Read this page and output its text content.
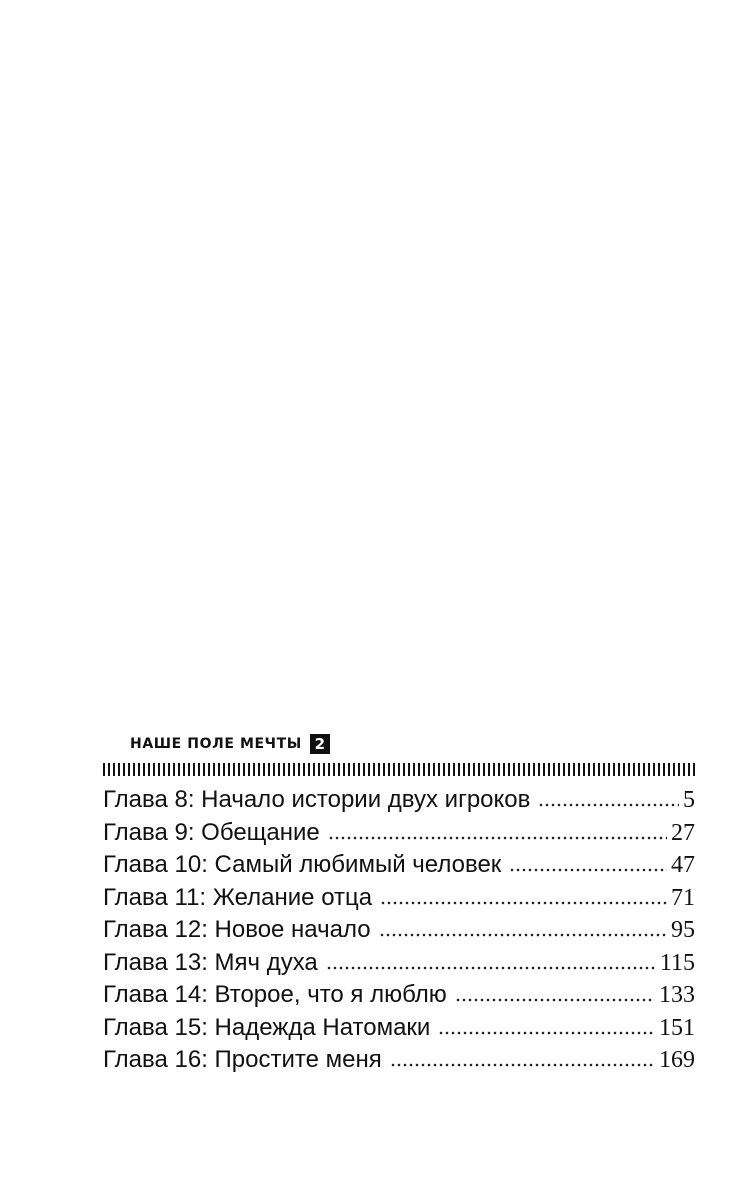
НАШЕ ПОЛЕ МЕЧТЫ 2
Глава 8: Начало истории двух игроков	5
Глава 9: Обещание	27
Глава 10: Самый любимый человек	47
Глава 11: Желание отца	71
Глава 12: Новое начало	95
Глава 13: Мяч духа	115
Глава 14: Второе, что я люблю	133
Глава 15: Надежда Натомаки	151
Глава 16: Простите меня	169
